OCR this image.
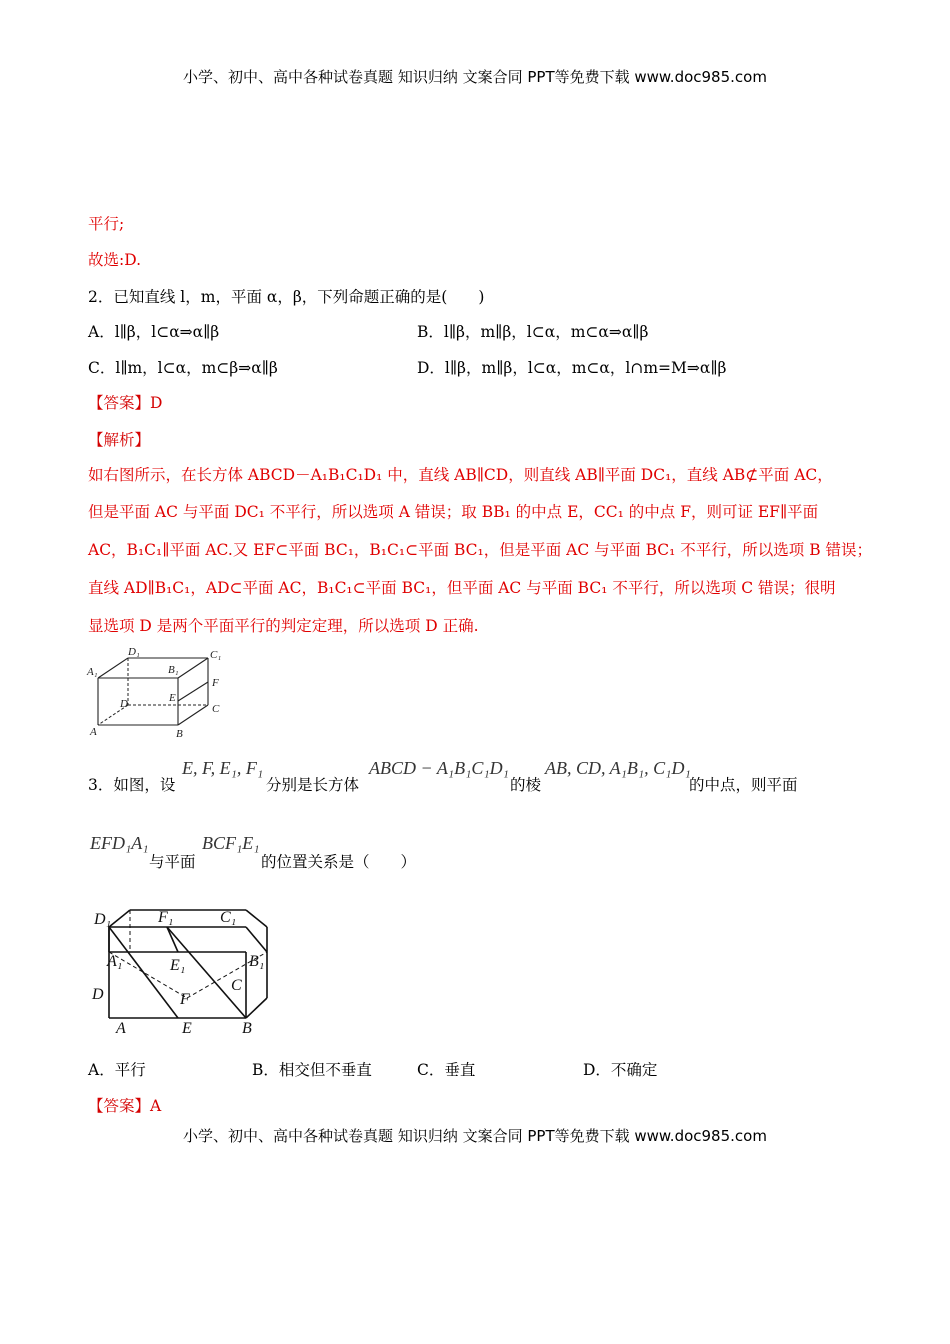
小学、初中、高中各种试卷真题 知识归纳 文案合同 PPT等免费下载 www.doc985.com
平行;
故选:D.
2．已知直线 l，m，平面 α，β，下列命题正确的是(　　)
A．l∥β，l⊂α⇒α∥β	B．l∥β，m∥β，l⊂α，m⊂α⇒α∥β
C．l∥m，l⊂α，m⊂β⇒α∥β	D．l∥β，m∥β，l⊂α，m⊂α，l∩m=M⇒α∥β
【答案】D
【解析】
如右图所示，在长方体 ABCD－A₁B₁C₁D₁ 中，直线 AB∥CD，则直线 AB∥平面 DC₁，直线 AB⊄平面 AC，
但是平面 AC 与平面 DC₁ 不平行，所以选项 A 错误；取 BB₁ 的中点 E，CC₁ 的中点 F，则可证 EF∥平面
AC，B₁C₁∥平面 AC.又 EF⊂平面 BC₁，B₁C₁⊂平面 BC₁，但是平面 AC 与平面 BC₁ 不平行，所以选项 B 错误；
直线 AD∥B₁C₁，AD⊂平面 AC，B₁C₁⊂平面 BC₁，但平面 AC 与平面 BC₁ 不平行，所以选项 C 错误；很明
显选项 D 是两个平面平行的判定定理，所以选项 D 正确.
A₁
D₁
B₁
C₁
F
E
D	C
A	B
3．如图，设
E, F, E₁, F₁
分别是长方体
ABCD − A₁B₁C₁D₁
的棱
AB, CD, A₁B₁, C₁D₁
的中点，则平面
EFD₁A₁
与平面
BCF₁E₁
的位置关系是（　　）
D₁	F₁	C₁
A₁	E₁	B₁
D
C
F
A	E	B
A．平行	B．相交但不垂直	C．垂直	D．不确定
【答案】A
小学、初中、高中各种试卷真题 知识归纳 文案合同 PPT等免费下载 www.doc985.com
